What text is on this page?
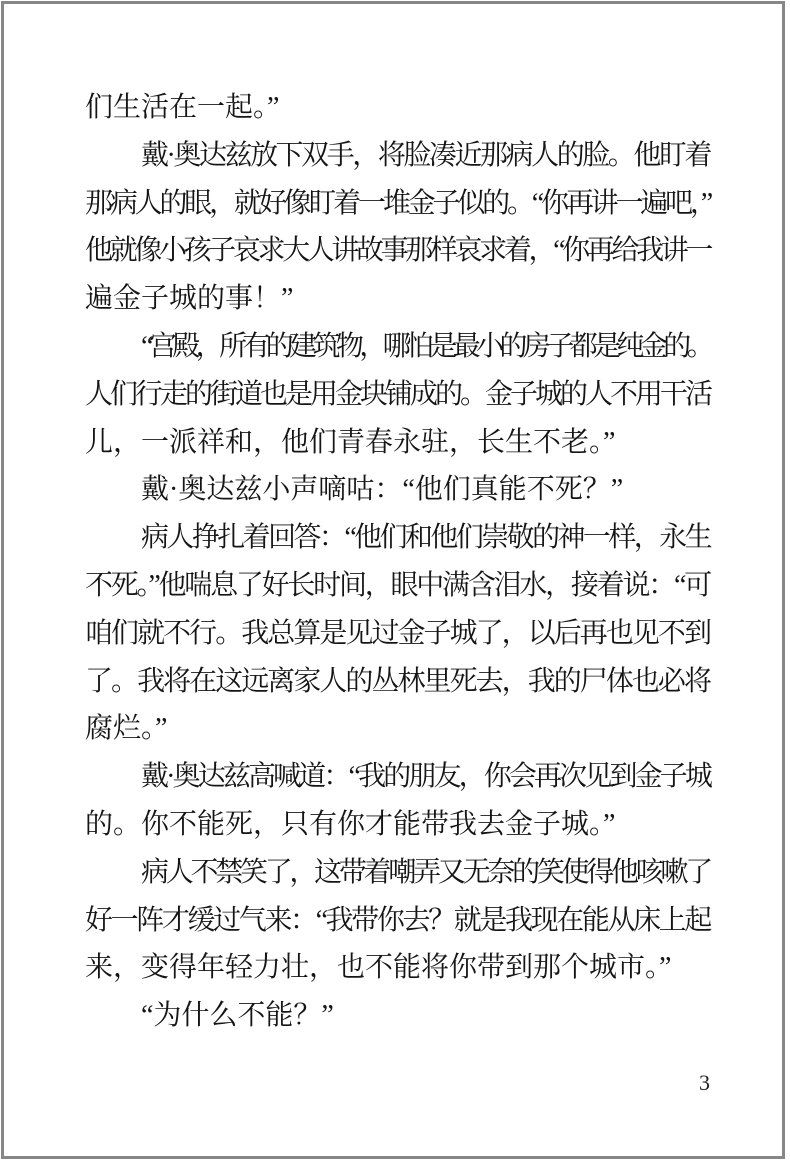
们生活在一起。”
戴·奥达兹放下双手，将脸凑近那病人的脸。他盯着
那病人的眼，就好像盯着一堆金子似的。“你再讲一遍吧，”
他就像小孩子哀求大人讲故事那样哀求着，“你再给我讲一
遍金子城的事！”
“宫殿，所有的建筑物，哪怕是最小的房子都是纯金的。
人们行走的街道也是用金块铺成的。金子城的人不用干活
儿，一派祥和，他们青春永驻，长生不老。”
戴·奥达兹小声嘀咕：“他们真能不死？”
病人挣扎着回答：“他们和他们崇敬的神一样，永生
不死。”他喘息了好长时间，眼中满含泪水，接着说：“可
咱们就不行。我总算是见过金子城了，以后再也见不到
了。我将在这远离家人的丛林里死去，我的尸体也必将
腐烂。”
戴·奥达兹高喊道：“我的朋友，你会再次见到金子城
的。你不能死，只有你才能带我去金子城。”
病人不禁笑了，这带着嘲弄又无奈的笑使得他咳嗽了
好一阵才缓过气来：“我带你去？就是我现在能从床上起
来，变得年轻力壮，也不能将你带到那个城市。”
“为什么不能？”
3
